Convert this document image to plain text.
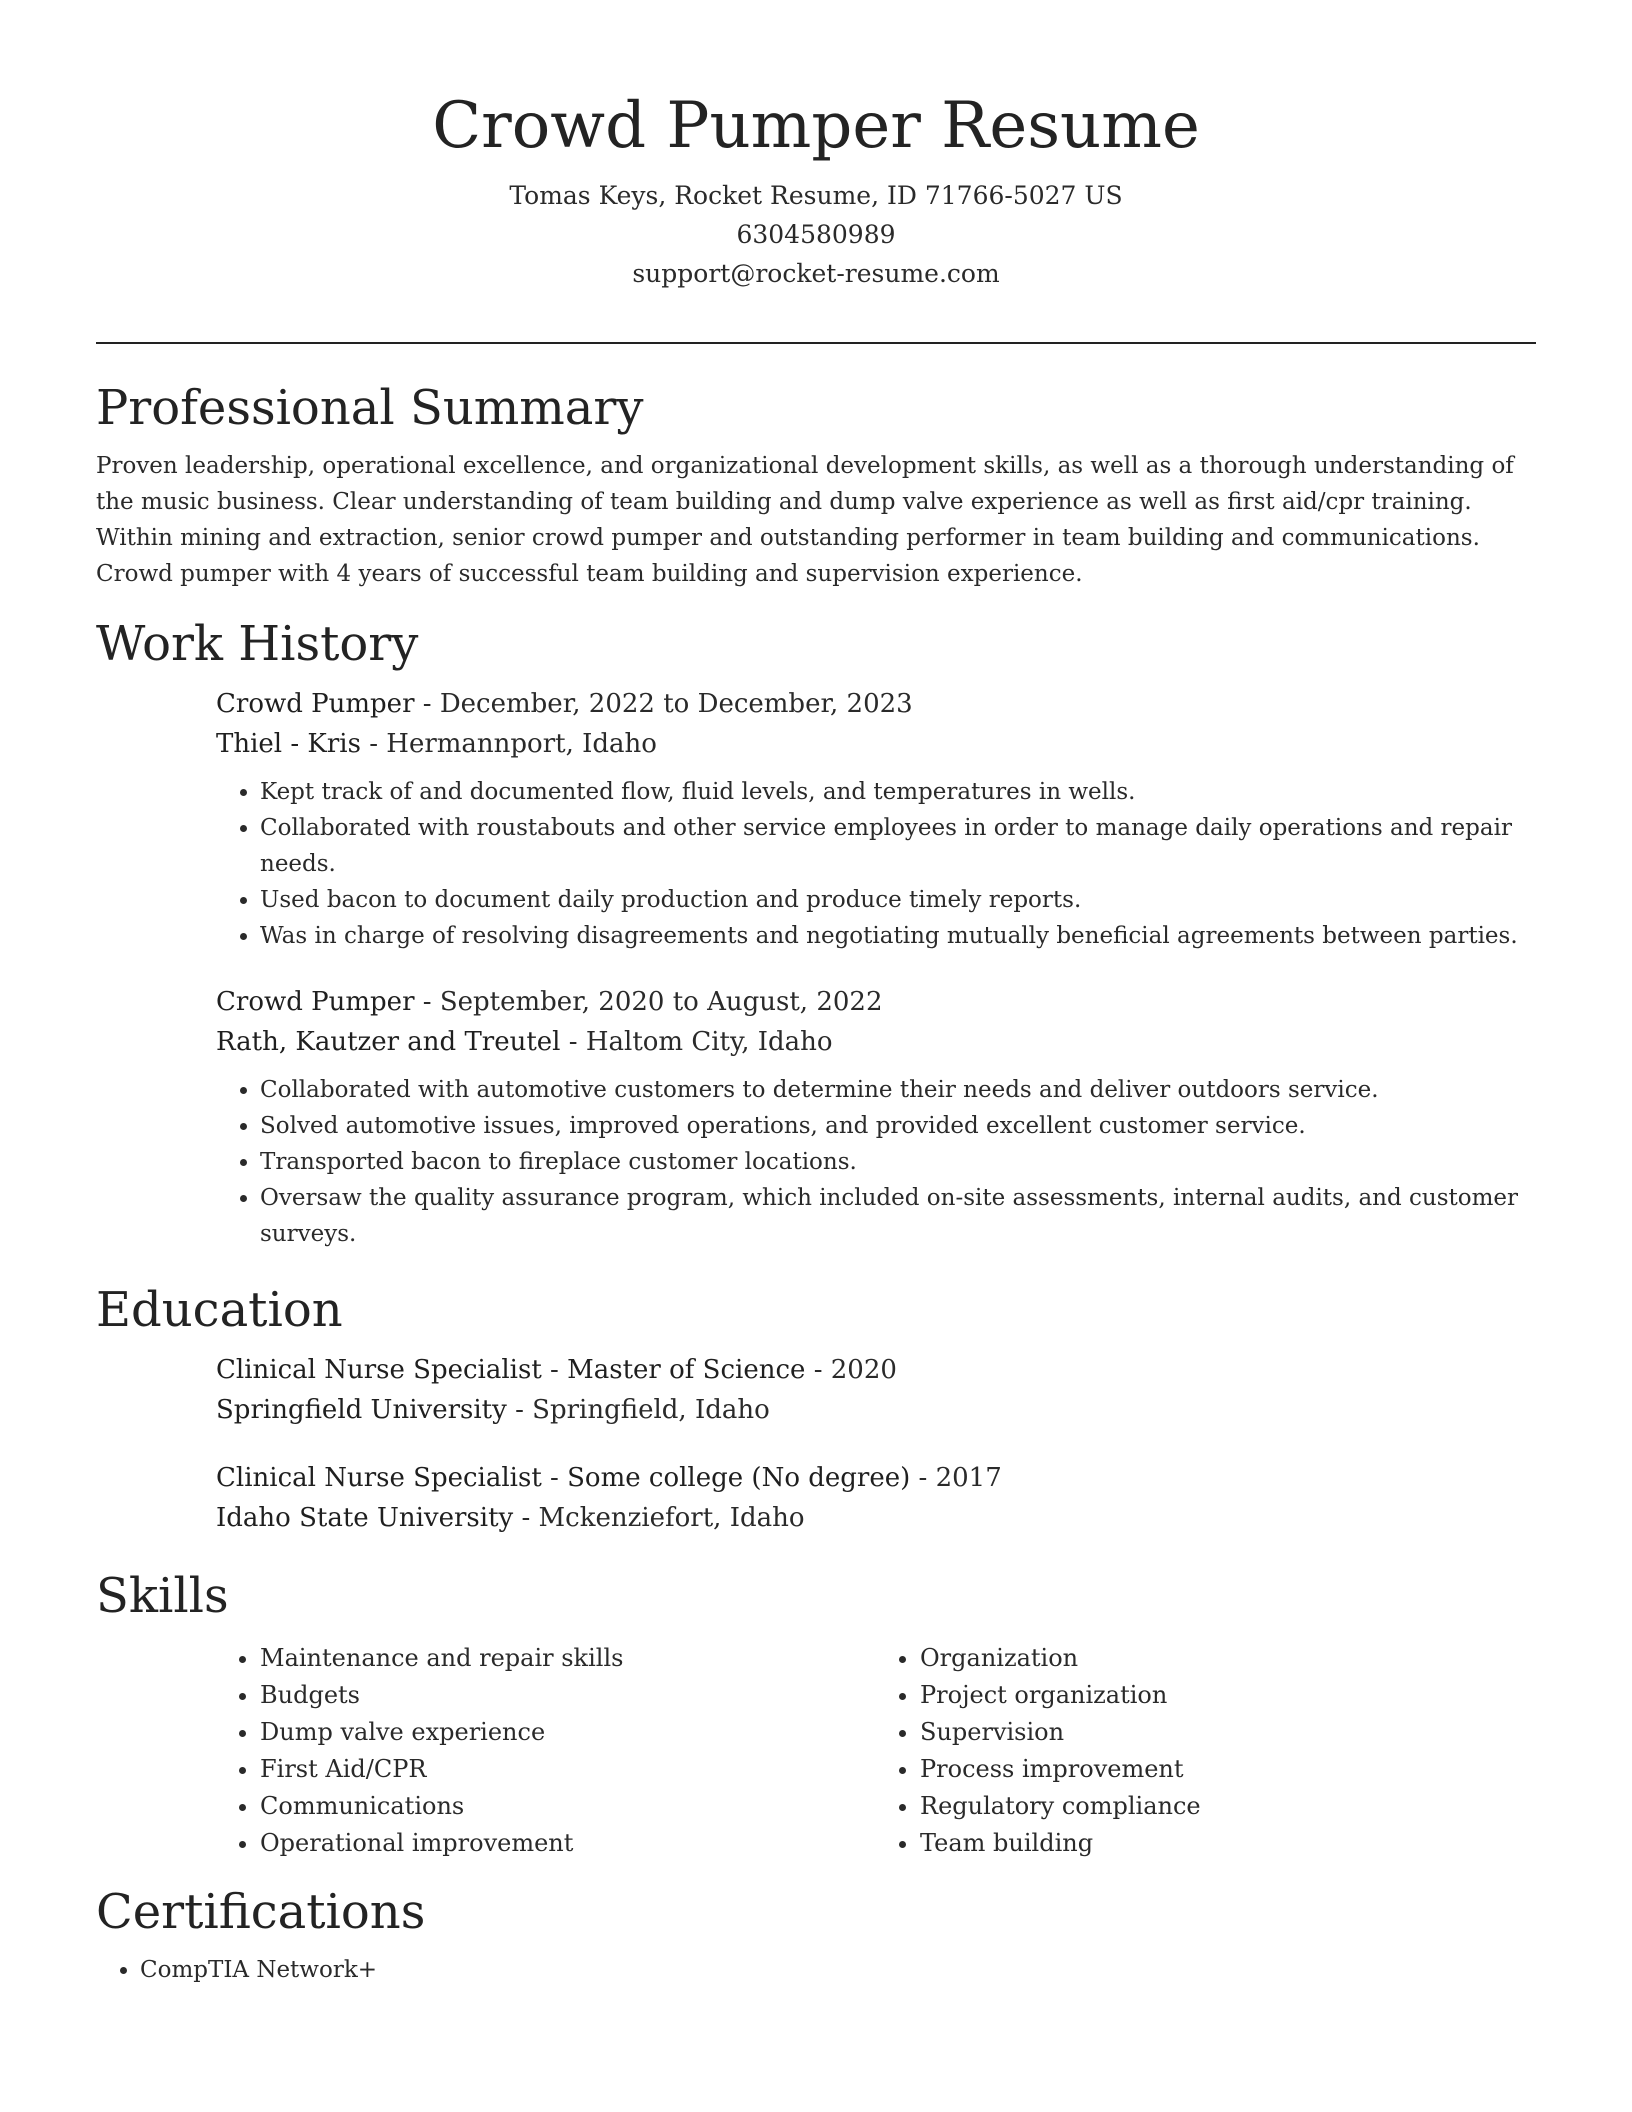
Crowd Pumper Resume
Tomas Keys, Rocket Resume, ID 71766-5027 US
6304580989
support@rocket-resume.com
Professional Summary

Proven leadership, operational excellence, and organizational development skills, as well as a thorough understanding of the music business. Clear understanding of team building and dump valve experience as well as first aid/cpr training. Within mining and extraction, senior crowd pumper and outstanding performer in team building and communications. Crowd pumper with 4 years of successful team building and supervision experience.

Work History
Crowd Pumper - December, 2022 to December, 2023
Thiel - Kris - Hermannport, Idaho
• Kept track of and documented flow, fluid levels, and temperatures in wells.
• Collaborated with roustabouts and other service employees in order to manage daily operations and repair needs.
• Used bacon to document daily production and produce timely reports.
• Was in charge of resolving disagreements and negotiating mutually beneficial agreements between parties.
Crowd Pumper - September, 2020 to August, 2022
Rath, Kautzer and Treutel - Haltom City, Idaho
• Collaborated with automotive customers to determine their needs and deliver outdoors service.
• Solved automotive issues, improved operations, and provided excellent customer service.
• Transported bacon to fireplace customer locations.
• Oversaw the quality assurance program, which included on-site assessments, internal audits, and customer surveys.
Education
Clinical Nurse Specialist - Master of Science - 2020
Springfield University - Springfield, Idaho
Clinical Nurse Specialist - Some college (No degree) - 2017
Idaho State University - Mckenziefort, Idaho
Skills
• Maintenance and repair skills
• Budgets
• Dump valve experience
• First Aid/CPR
• Communications
• Operational improvement
• Organization
• Project organization
• Supervision
• Process improvement
• Regulatory compliance
• Team building
Certifications
• CompTIA Network+
